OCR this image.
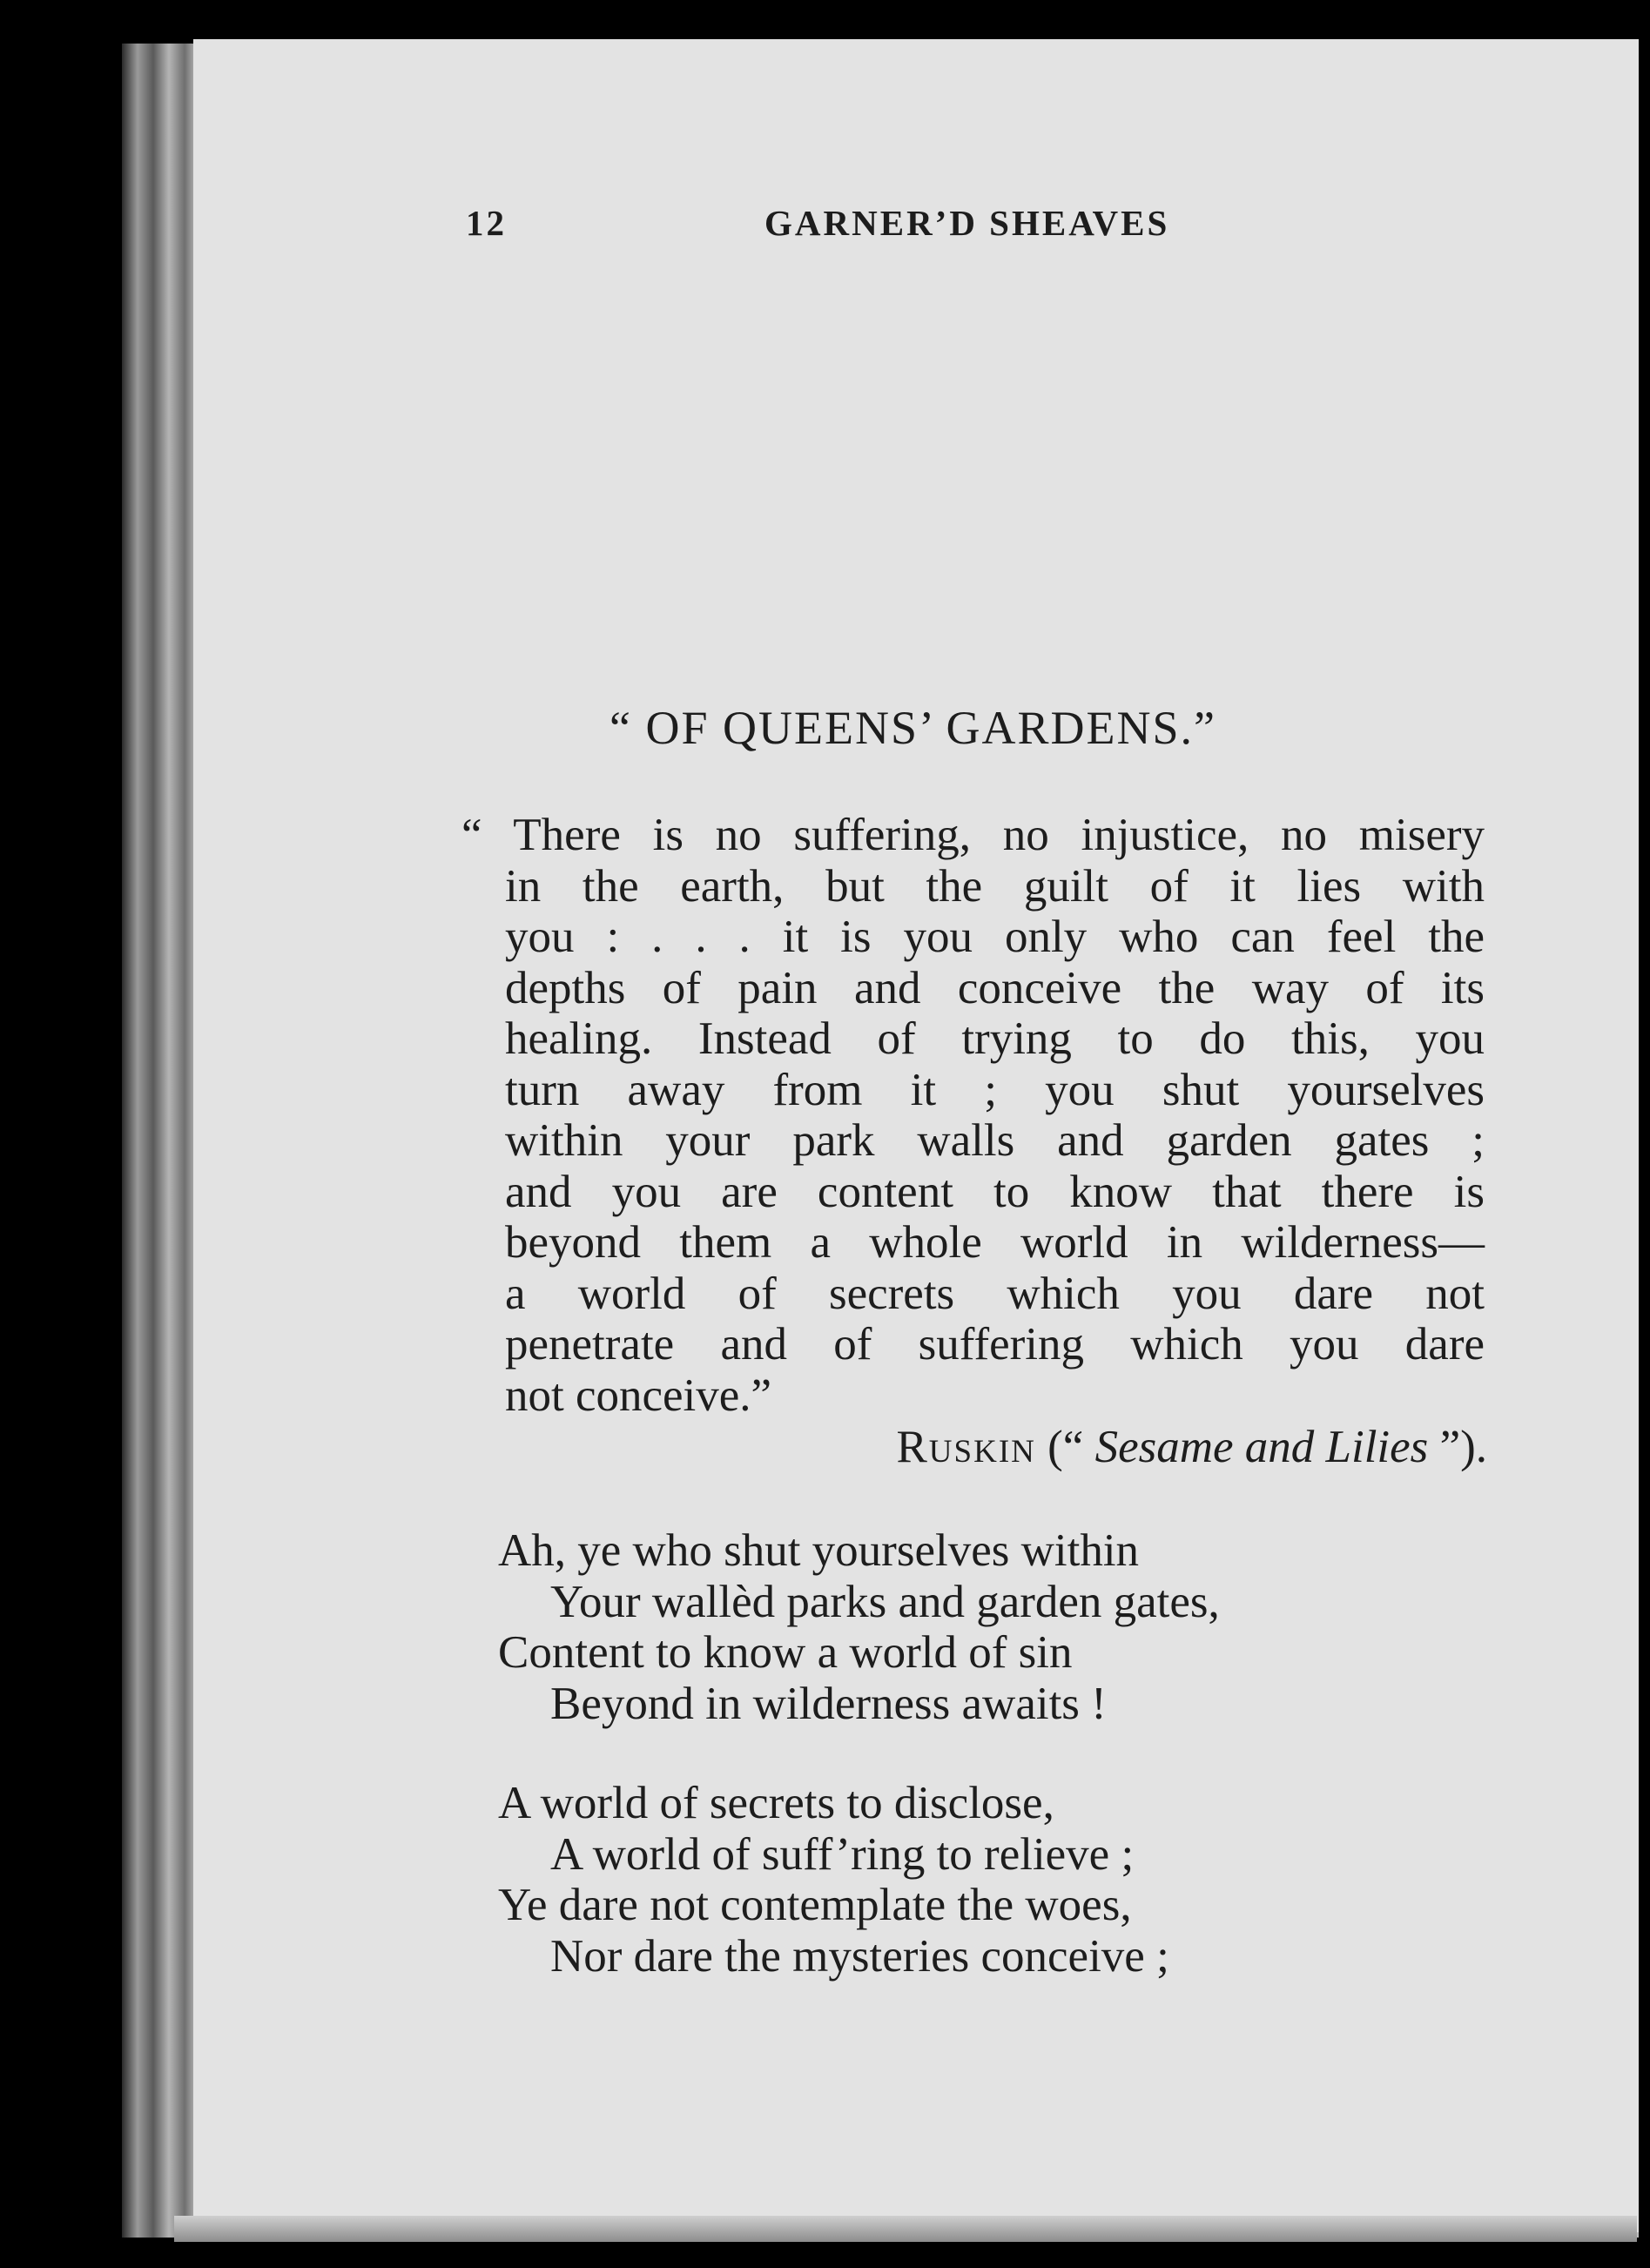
12	GARNER’D SHEAVES
“ OF QUEENS’ GARDENS.”
“ There is no suffering, no injustice, no misery
in the earth, but the guilt of it lies with
you : . . . it is you only who can feel the
depths of pain and conceive the way of its
healing. Instead of trying to do this, you
turn away from it ; you shut yourselves
within your park walls and garden gates ;
and you are content to know that there is
beyond them a whole world in wilderness—
a world of secrets which you dare not
penetrate and of suffering which you dare
not conceive.”
Ruskin (“ Sesame and Lilies ”).
Ah, ye who shut yourselves within
Your wallèd parks and garden gates,
Content to know a world of sin
Beyond in wilderness awaits !
A world of secrets to disclose,
A world of suff’ring to relieve ;
Ye dare not contemplate the woes,
Nor dare the mysteries conceive ;
